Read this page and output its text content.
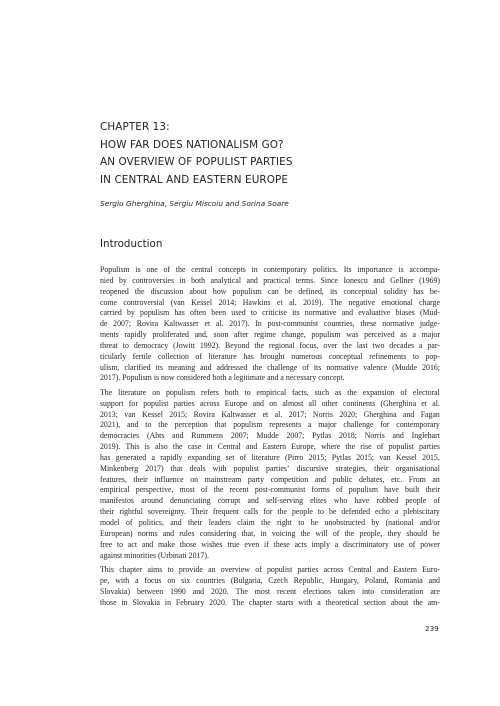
CHAPTER 13:
HOW FAR DOES NATIONALISM GO?
AN OVERVIEW OF POPULIST PARTIES
IN CENTRAL AND EASTERN EUROPE
Sergiu Gherghina, Sergiu Miscoiu and Sorina Soare
Introduction
Populism is one of the central concepts in contemporary politics. Its importance is accompa-
nied by controversies in both analytical and practical terms. Since Ionescu and Gellner (1969)
reopened the discussion about how populism can be defined, its conceptual solidity has be-
come controversial (van Kessel 2014; Hawkins et al. 2019). The negative emotional charge
carried by populism has often been used to criticise its normative and evaluative biases (Mud-
de 2007; Rovira Kaltwasser et al. 2017). In post-communist countries, these normative judge-
ments rapidly proliferated and, soon after regime change, populism was perceived as a major
threat to democracy (Jowitt 1992). Beyond the regional focus, over the last two decades a par-
ticularly fertile collection of literature has brought numerous conceptual refinements to pop-
ulism, clarified its meaning and addressed the challenge of its normative valence (Mudde 2016;
2017). Populism is now considered both a legitimate and a necessary concept.
The literature on populism refers both to empirical facts, such as the expansion of electoral
support for populist parties across Europe and on almost all other continents (Gherghina et al.
2013; van Kessel 2015; Rovira Kaltwasser et al. 2017; Norris 2020; Gherghina and Fagan
2021), and to the perception that populism represents a major challenge for contemporary
democracies (Abts and Rummens 2007; Mudde 2007; Pytlas 2018; Norris and Inglehart
2019). This is also the case in Central and Eastern Europe, where the rise of populist parties
has generated a rapidly expanding set of literature (Pirro 2015; Pytlas 2015; van Kessel 2015,
Minkenberg 2017) that deals with populist parties’ discursive strategies, their organisational
features, their influence on mainstream party competition and public debates, etc. From an
empirical perspective, most of the recent post-communist forms of populism have built their
manifestos around denunciating corrupt and self-serving elites who have robbed people of
their rightful sovereignty. Their frequent calls for the people to be defended echo a plebiscitary
model of politics, and their leaders claim the right to be unobstructed by (national and/or
European) norms and rules considering that, in voicing the will of the people, they should be
free to act and make those wishes true even if these acts imply a discriminatory use of power
against minorities (Urbinati 2017).
This chapter aims to provide an overview of populist parties across Central and Eastern Euro-
pe, with a focus on six countries (Bulgaria, Czech Republic, Hungary, Poland, Romania and
Slovakia) between 1990 and 2020. The most recent elections taken into consideration are
those in Slovakia in February 2020. The chapter starts with a theoretical section about the am-
239
